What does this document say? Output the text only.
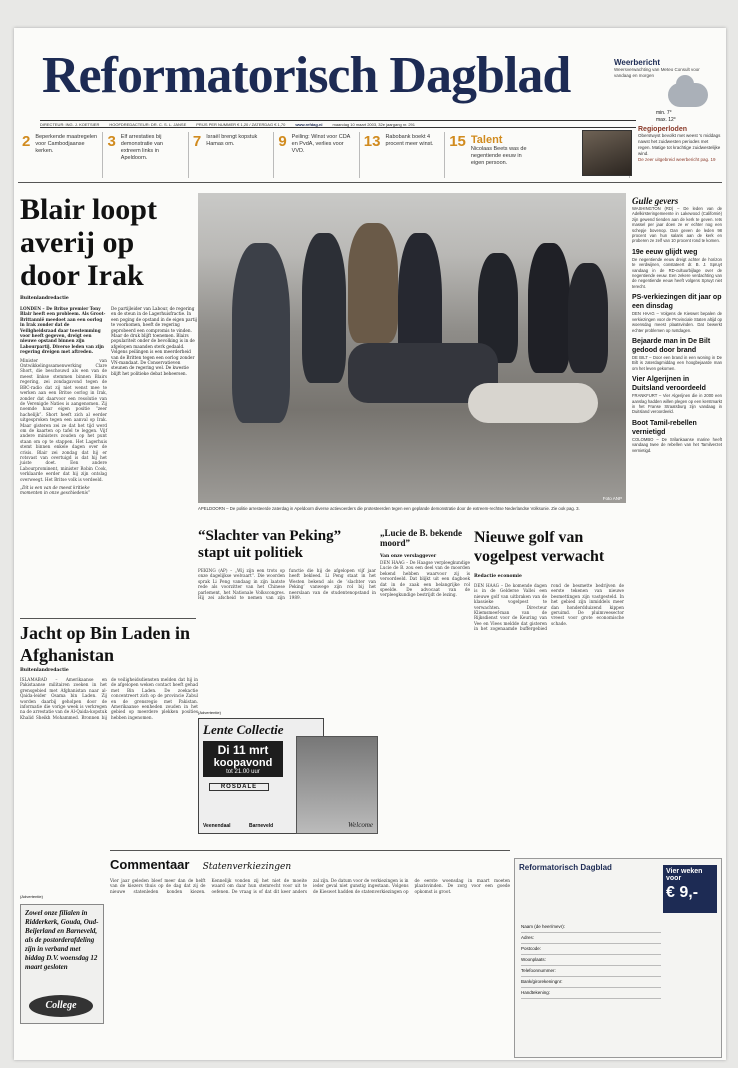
Reformatorisch Dagblad	Weerbericht
Weersverwachting van Meteo Consult voor vandaag en morgen
min. 7°
max. 12°
DIRECTEUR: ING. J. KOETSIER	HOOFDREDACTEUR: DR. C. S. L. JANSE	PRIJS PER NUMMER € 1,20 / ZATERDAG € 1,70	www.refdag.nl	maandag 10 maart 2003, 32e jaargang nr. 291
2 Beperkende maatregelen voor Cambodjaanse kerken.
3 Elf arrestaties bij demonstratie van extreem links in Apeldoorn.
7 Israël brengt kopstuk Hamas om.	9 Peiling: Winst voor CDA en PvdA, verlies voor VVD.
13 Rabobank boekt 4 procent meer winst.	15 Talent
Nicolaas Beets was de negentiende eeuw in eigen persoon.
Regioperloden
Oberstwyst bevolkt met weest 's middags nawst het zuidwesten periodes met regen. Matige tot krachtige zuidwestelijke wind.
De zeer uitgebreid weerbericht pag. 19
Blair loopt averij op door Irak
Buitenlandredactie
LONDEN – De Britse premier Tony Blair heeft een probleem. Als Groot-Brittannië meedoet aan een oorlog in Irak zonder dat de Veiligheidsraad daar toestemming voor heeft gegeven, dreigt een nieuwe opstand binnen zijn Labourpartij. Diverse leden van zijn regering dreigen met aftreden.
Minister van Ontwikkelingssamenwerking Clare Short, die beschouwd als een van de meest linkse stemmen binnen Blairs regering, zei zondagavond tegen de BBC-radio dat zij niet wenst mee te werken aan een Britse oorlog in Irak, zonder dat daarvoor een resolutie van de Verenigde Naties is aangenomen. Zij noemde haar eigen positie “zeer hachelijk”. Short heeft zich al eerder uitgesproken tegen een aanval op Irak. Maar gisteren zei ze dat het tijd werd om de kaarten op tafel te leggen. Vijf andere ministers zouden op het punt staan om op te stappen. Het Lagerhuis stemt binnen enkele dagen over de crisis. Blair zei zondag dat hij er rotsvast van overtuigd is dat hij het juiste doet. Een andere Labourprominent, minister Robin Cook, verklaarde eerder dat hij zijn ontslag overweegt. Het Britse volk is verdeeld.
„Dit is een van de meest kritieke momenten in onze geschiedenis”
De partijleider van Labour, de regering en de steun in de Lagerhuisfractie. In een poging de opstand in de eigen partij te voorkomen, heeft de regering geprobeerd een compromis te vinden. Maar de druk blijft toenemen. Blairs populariteit onder de bevolking is in de afgelopen maanden sterk gedaald. Volgens peilingen is een meerderheid van de Britten tegen een oorlog zonder VN-mandaat. De Conservatieven steunen de regering wel. De kwestie blijft het politieke debat beheersen.
Foto ANP
APELDOORN – De politie arresteerde zaterdag in Apeldoorn diverse actievoerders die protesteerden tegen een geplande demonstratie door de extreem-rechtse Nederlandse Volksunie. Zie ook pag. 3.
Jacht op Bin Laden in Afghanistan
Buitenlandredactie
ISLAMABAD – Amerikaanse en Pakistaanse militairen zoeken in het grensgebied met Afghanistan naar al-Qaida-leider Osama bin Laden. Zij worden daarbij geholpen door de informatie die vorige week is verkregen na de arrestatie van de Al-Qaida-kopstuk Khalid Sheikh Mohammed. Bronnen bij de veiligheidsdiensten melden dat hij in de afgelopen weken contact heeft gehad met Bin Laden. De zoekactie concentreert zich op de provincie Zabul en de grensregio met Pakistan. Amerikaanse eenheden zouden in het gebied op meerdere plekken posities hebben ingenomen.
“Slachter van Peking” stapt uit politiek
PEKING (AP) – „Wij zijn een trots op onze dagelijkse welvaart”. Die woorden sprak Li Peng vandaag in zijn laatste rede als voorzitter van het Chinese parlement, het Nationale Volkscongres. Hij zei afscheid te nemen van zijn functie die hij de afgelopen vijf jaar heeft bekleed. Li Peng staat in het Westen bekend als de ‘slachter van Peking’ vanwege zijn rol bij het neerslaan van de studentenopstand in 1989.
„Lucie de B. bekende moord”
Van onze verslaggever
DEN HAAG – De Haagse verpleegkundige Lucie de B. zou een deel van de moorden bekend hebben waarvoor zij is veroordeeld. Dat blijkt uit een dagboek dat in de zaak een belangrijke rol speelde. De advocaat van de verpleegkundige bestrijdt de lezing.
Nieuwe golf van vogelpest verwacht
Redactie economie
DEN HAAG – De komende dagen is in de Gelderse Vallei een nieuwe golf van uitbraken van de klassieke vogelpest te verwachten. Directeur Kliemsmeef-man van de Rijksdienst voor de Keuring van Vee en Vlees meldde dat gisteren in het zogenaamde buffergebied rond de besmette bedrijven de eerste tekenen van nieuwe besmettingen zijn vastgesteld. In het gebied zijn inmiddels meer dan honderdduizend kippen geruimd. De pluimveesector vreest voor grote economische schade.
Gulle gevers
WASHINGTON (RD) – De leden van de Adelkirsteringemeente in Lakewood (Californië) zijn gewend tienden aan de kerk te geven. Iets massel per jaar doen ze er echter nog een schepje bovenop. Dan geven de leden 98 procent van hun salaris aan de kerk en proberen ze zelf van 10 procent rond te komen.
19e eeuw glijdt weg
De negentiende eeuw dreigt achter de horizon te verdwijnen, constateert dr. B. J. Spruyt vandaag in de RD-cultuurbijlage over de negentiende eeuw. Een zekere verdachting van de negentiende eeuw heeft volgens Spruyt niet terecht.
PS-verkiezingen dit jaar op een dinsdag
DEN HAAG – Volgens de Kieswet bepalen de verkiezingen voor de Provinciale Staten altijd op woensdag meest plaatsvinden. Dat bewerkt echter problemen op rustdagen.
Bejaarde man in De Bilt gedood door brand
DE BILT – Door een brand in een woning in De Bilt is zaterdagmiddag een hoogbejaarde man om het leven gekomen.
Vier Algerijnen in Duitsland veroordeeld
FRANKFURT – Vier Algerijnen die in 2000 een aanslag hadden willen plegen op een kerstmarkt in het Franse Straatsburg zijn vandaag in Duitsland veroordeeld.
Boot Tamil-rebellen vernietigd
COLOMBO – De Srilankaanse marine heeft vandaag twee de rebellen van het Tamilverzet vernietigd.
(Advertentie)
Lente Collectie
Di 11 mrt
koopavond
tot 21.00 uur
ROSDALE
Veenendaal	Barneveld	Welcome
Commentaar Statenverkiezingen
Vier jaar geleden bleef meer dan de helft van de kiezers thuis op de dag dat zij de nieuwe statenleden konden kiezen. Kennelijk vonden zij het niet de moeite waard om daar hun stemrecht voor uit te oefenen. De vraag is of dat dit keer anders zal zijn. De datum voor de verkiezingen is in ieder geval niet gunstig ingestaan. Volgens de Kieswet hadden de statenverkiezingen op de eerste woensdag in maart moeten plaatsvinden. De zorg voor een goede opkomst is groot.
Reformatorisch Dagblad	Vier weken voor
€ 9,-
Naam (de heer/mevr):
Adres:
Postcode:
Woonplaats:
Telefoonnummer:
Bank/girorekeningnr:
Handtekening:
(Advertentie)
Zowel onze filialen in Ridderkerk, Gouda, Oud-Beijerland en Barneveld, als de postorderafdeling zijn in verband met biddag D.V. woensdag 12 maart gesloten
College
